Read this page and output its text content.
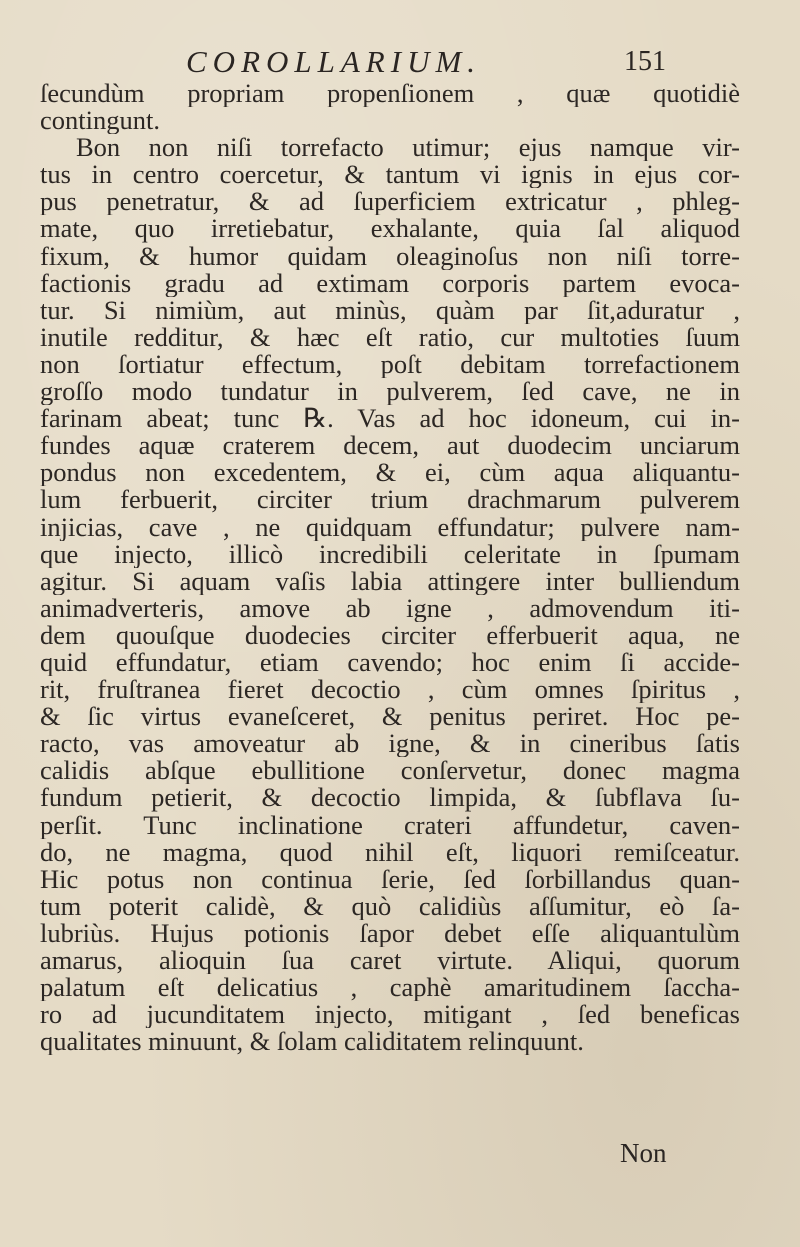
COROLLARIUM.	151
ſecundùm propriam propenſionem , quæ quotidiè
contingunt.
Bon non niſi torrefacto utimur; ejus namque vir-
tus in centro coercetur, & tantum vi ignis in ejus cor-
pus penetratur, & ad ſuperficiem extricatur , phleg-
mate, quo irretiebatur, exhalante, quia ſal aliquod
fixum, & humor quidam oleaginoſus non niſi torre-
factionis gradu ad extimam corporis partem evoca-
tur. Si nimiùm, aut minùs, quàm par ſit,aduratur ,
inutile redditur, & hæc eſt ratio, cur multoties ſuum
non ſortiatur effectum, poſt debitam torrefactionem
groſſo modo tundatur in pulverem, ſed cave, ne in
farinam abeat; tunc ℞. Vas ad hoc idoneum, cui in-
fundes aquæ craterem decem, aut duodecim unciarum
pondus non excedentem, & ei, cùm aqua aliquantu-
lum ferbuerit, circiter trium drachmarum pulverem
injicias, cave , ne quidquam effundatur; pulvere nam-
que injecto, illicò incredibili celeritate in ſpumam
agitur. Si aquam vaſis labia attingere inter bulliendum
animadverteris, amove ab igne , admovendum iti-
dem quouſque duodecies circiter efferbuerit aqua, ne
quid effundatur, etiam cavendo; hoc enim ſi accide-
rit, fruſtranea fieret decoctio , cùm omnes ſpiritus ,
& ſic virtus evaneſceret, & penitus periret. Hoc pe-
racto, vas amoveatur ab igne, & in cineribus ſatis
calidis abſque ebullitione conſervetur, donec magma
fundum petierit, & decoctio limpida, & ſubflava ſu-
perſit. Tunc inclinatione crateri affundetur, caven-
do, ne magma, quod nihil eſt, liquori remiſceatur.
Hic potus non continua ſerie, ſed ſorbillandus quan-
tum poterit calidè, & quò calidiùs aſſumitur, eò ſa-
lubriùs. Hujus potionis ſapor debet eſſe aliquantulùm
amarus, alioquin ſua caret virtute. Aliqui, quorum
palatum eſt delicatius , caphè amaritudinem ſaccha-
ro ad jucunditatem injecto, mitigant , ſed beneficas
qualitates minuunt, & ſolam caliditatem relinquunt.
Non
